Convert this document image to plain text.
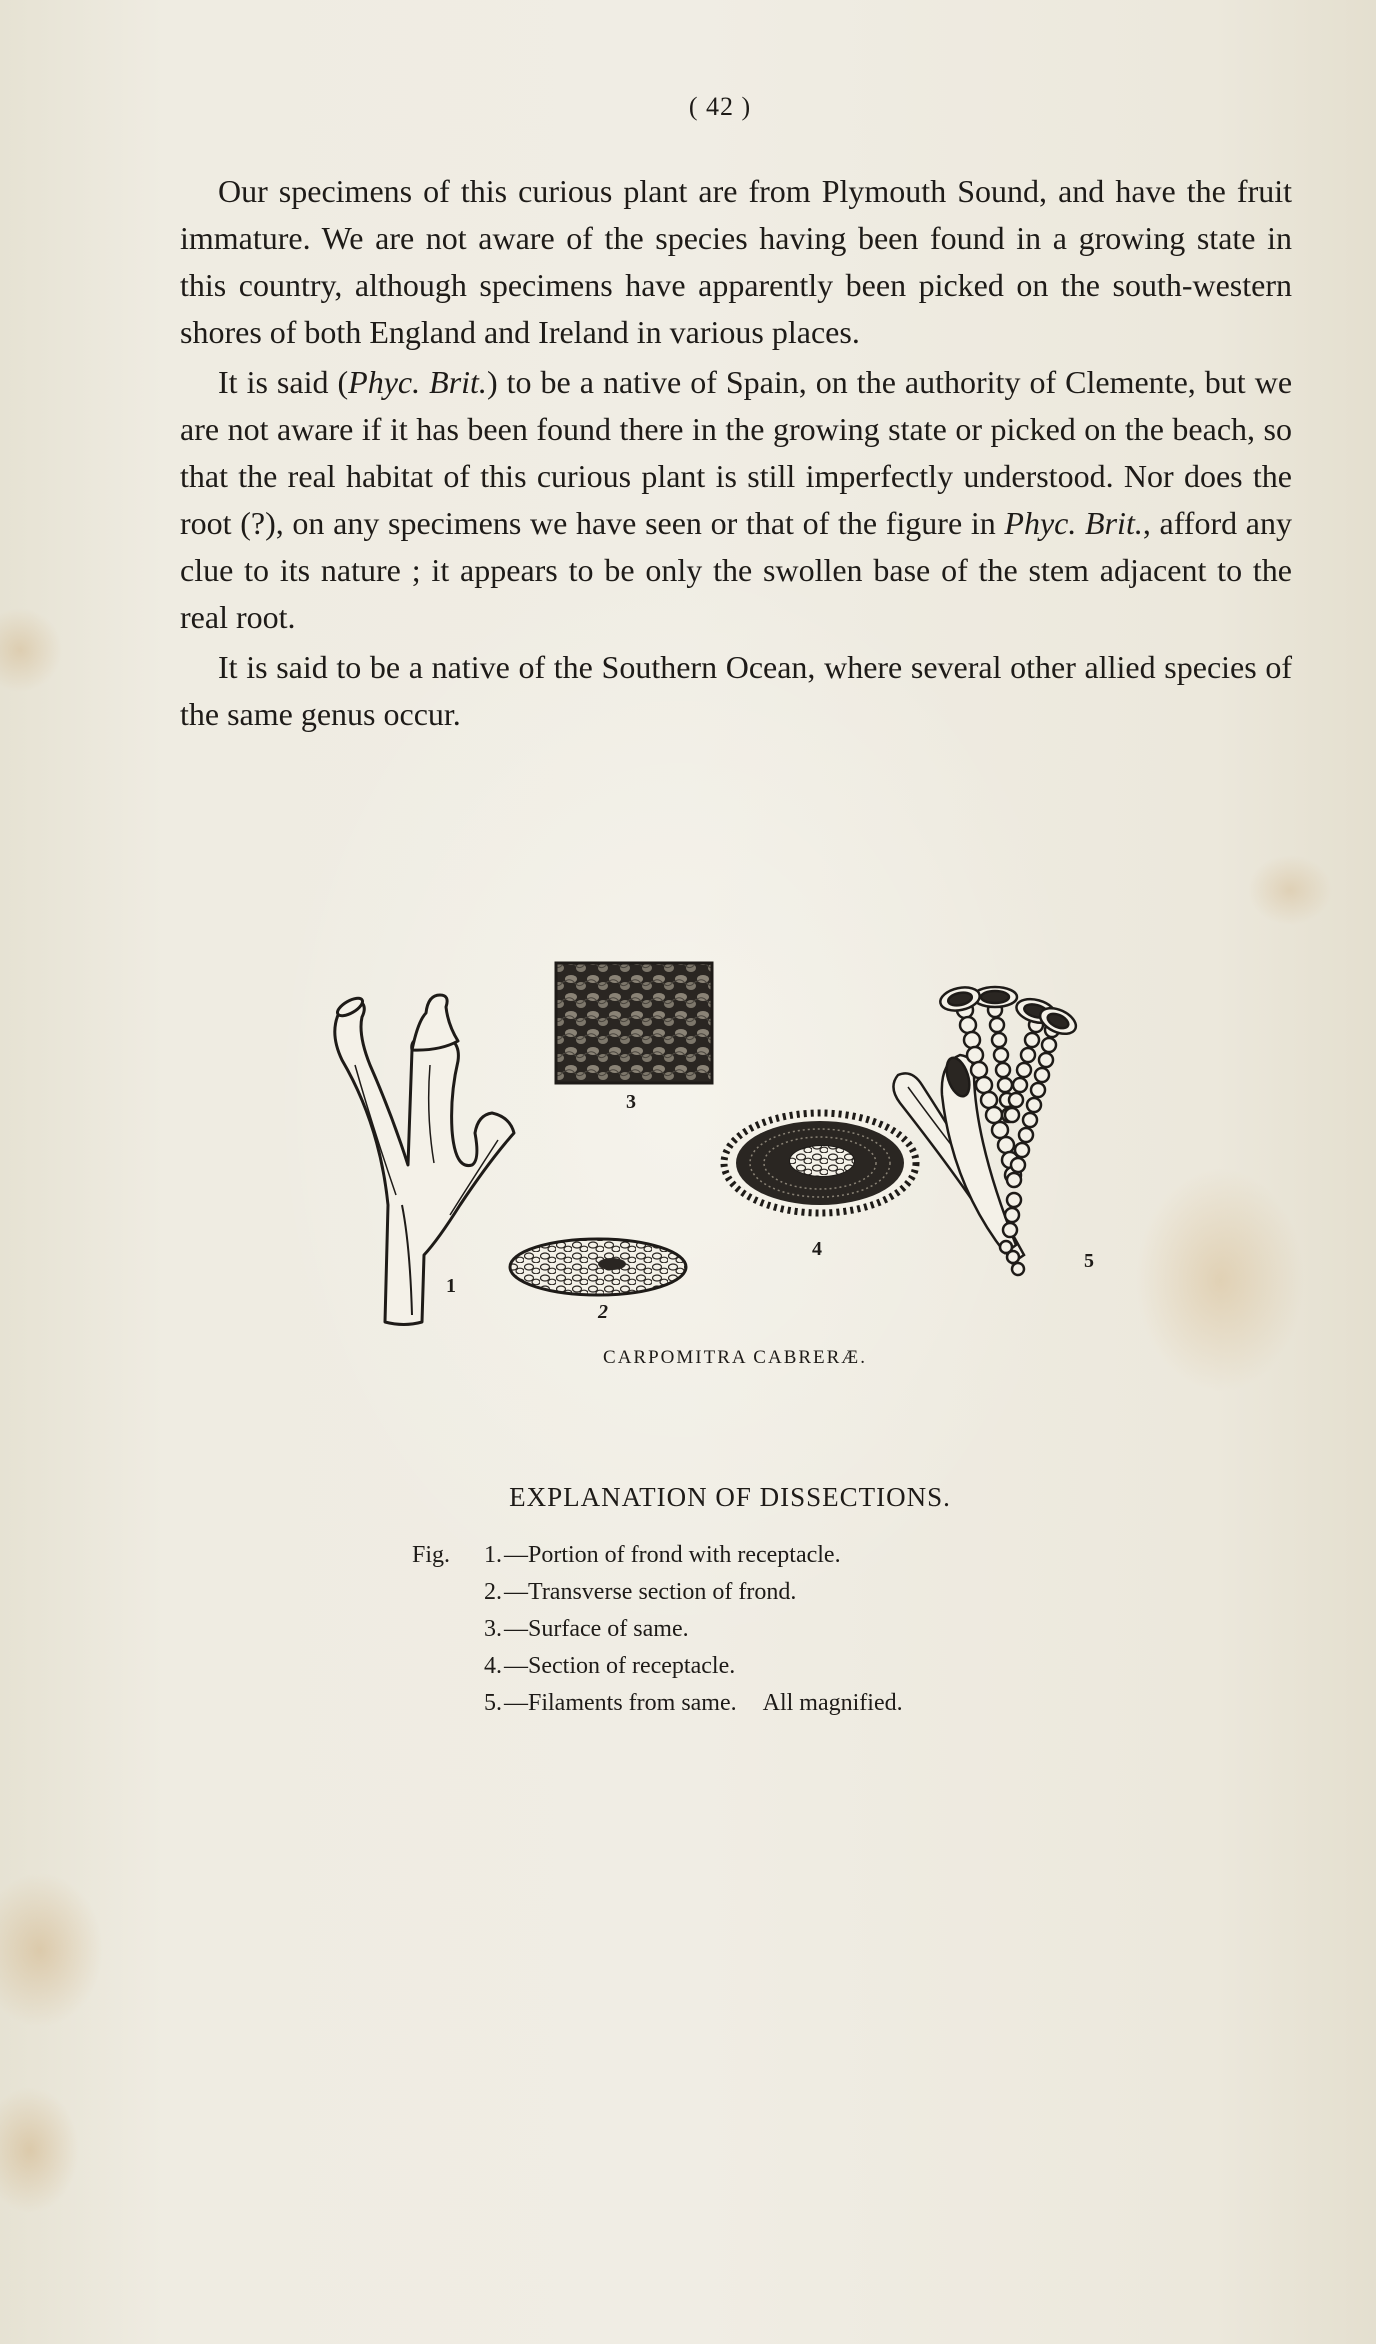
( 42 )

Our specimens of this curious plant are from Plymouth Sound, and have the fruit immature. We are not aware of the species having been found in a growing state in this country, although specimens have apparently been picked on the south-western shores of both England and Ireland in various places.

It is said (Phyc. Brit.) to be a native of Spain, on the authority of Clemente, but we are not aware if it has been found there in the growing state or picked on the beach, so that the real habitat of this curious plant is still imperfectly understood. Nor does the root (?), on any specimens we have seen or that of the figure in Phyc. Brit., afford any clue to its nature ; it appears to be only the swollen base of the stem adjacent to the real root.

It is said to be a native of the Southern Ocean, where several other allied species of the same genus occur.

1
3
2
4
5
CARPOMITRA CABRERÆ.
EXPLANATION OF DISSECTIONS.
Fig.	1. —Portion of frond with receptacle.
2. —Transverse section of frond.
3. —Surface of same.
4. —Section of receptacle.
5. —Filaments from same.	All magnified.
